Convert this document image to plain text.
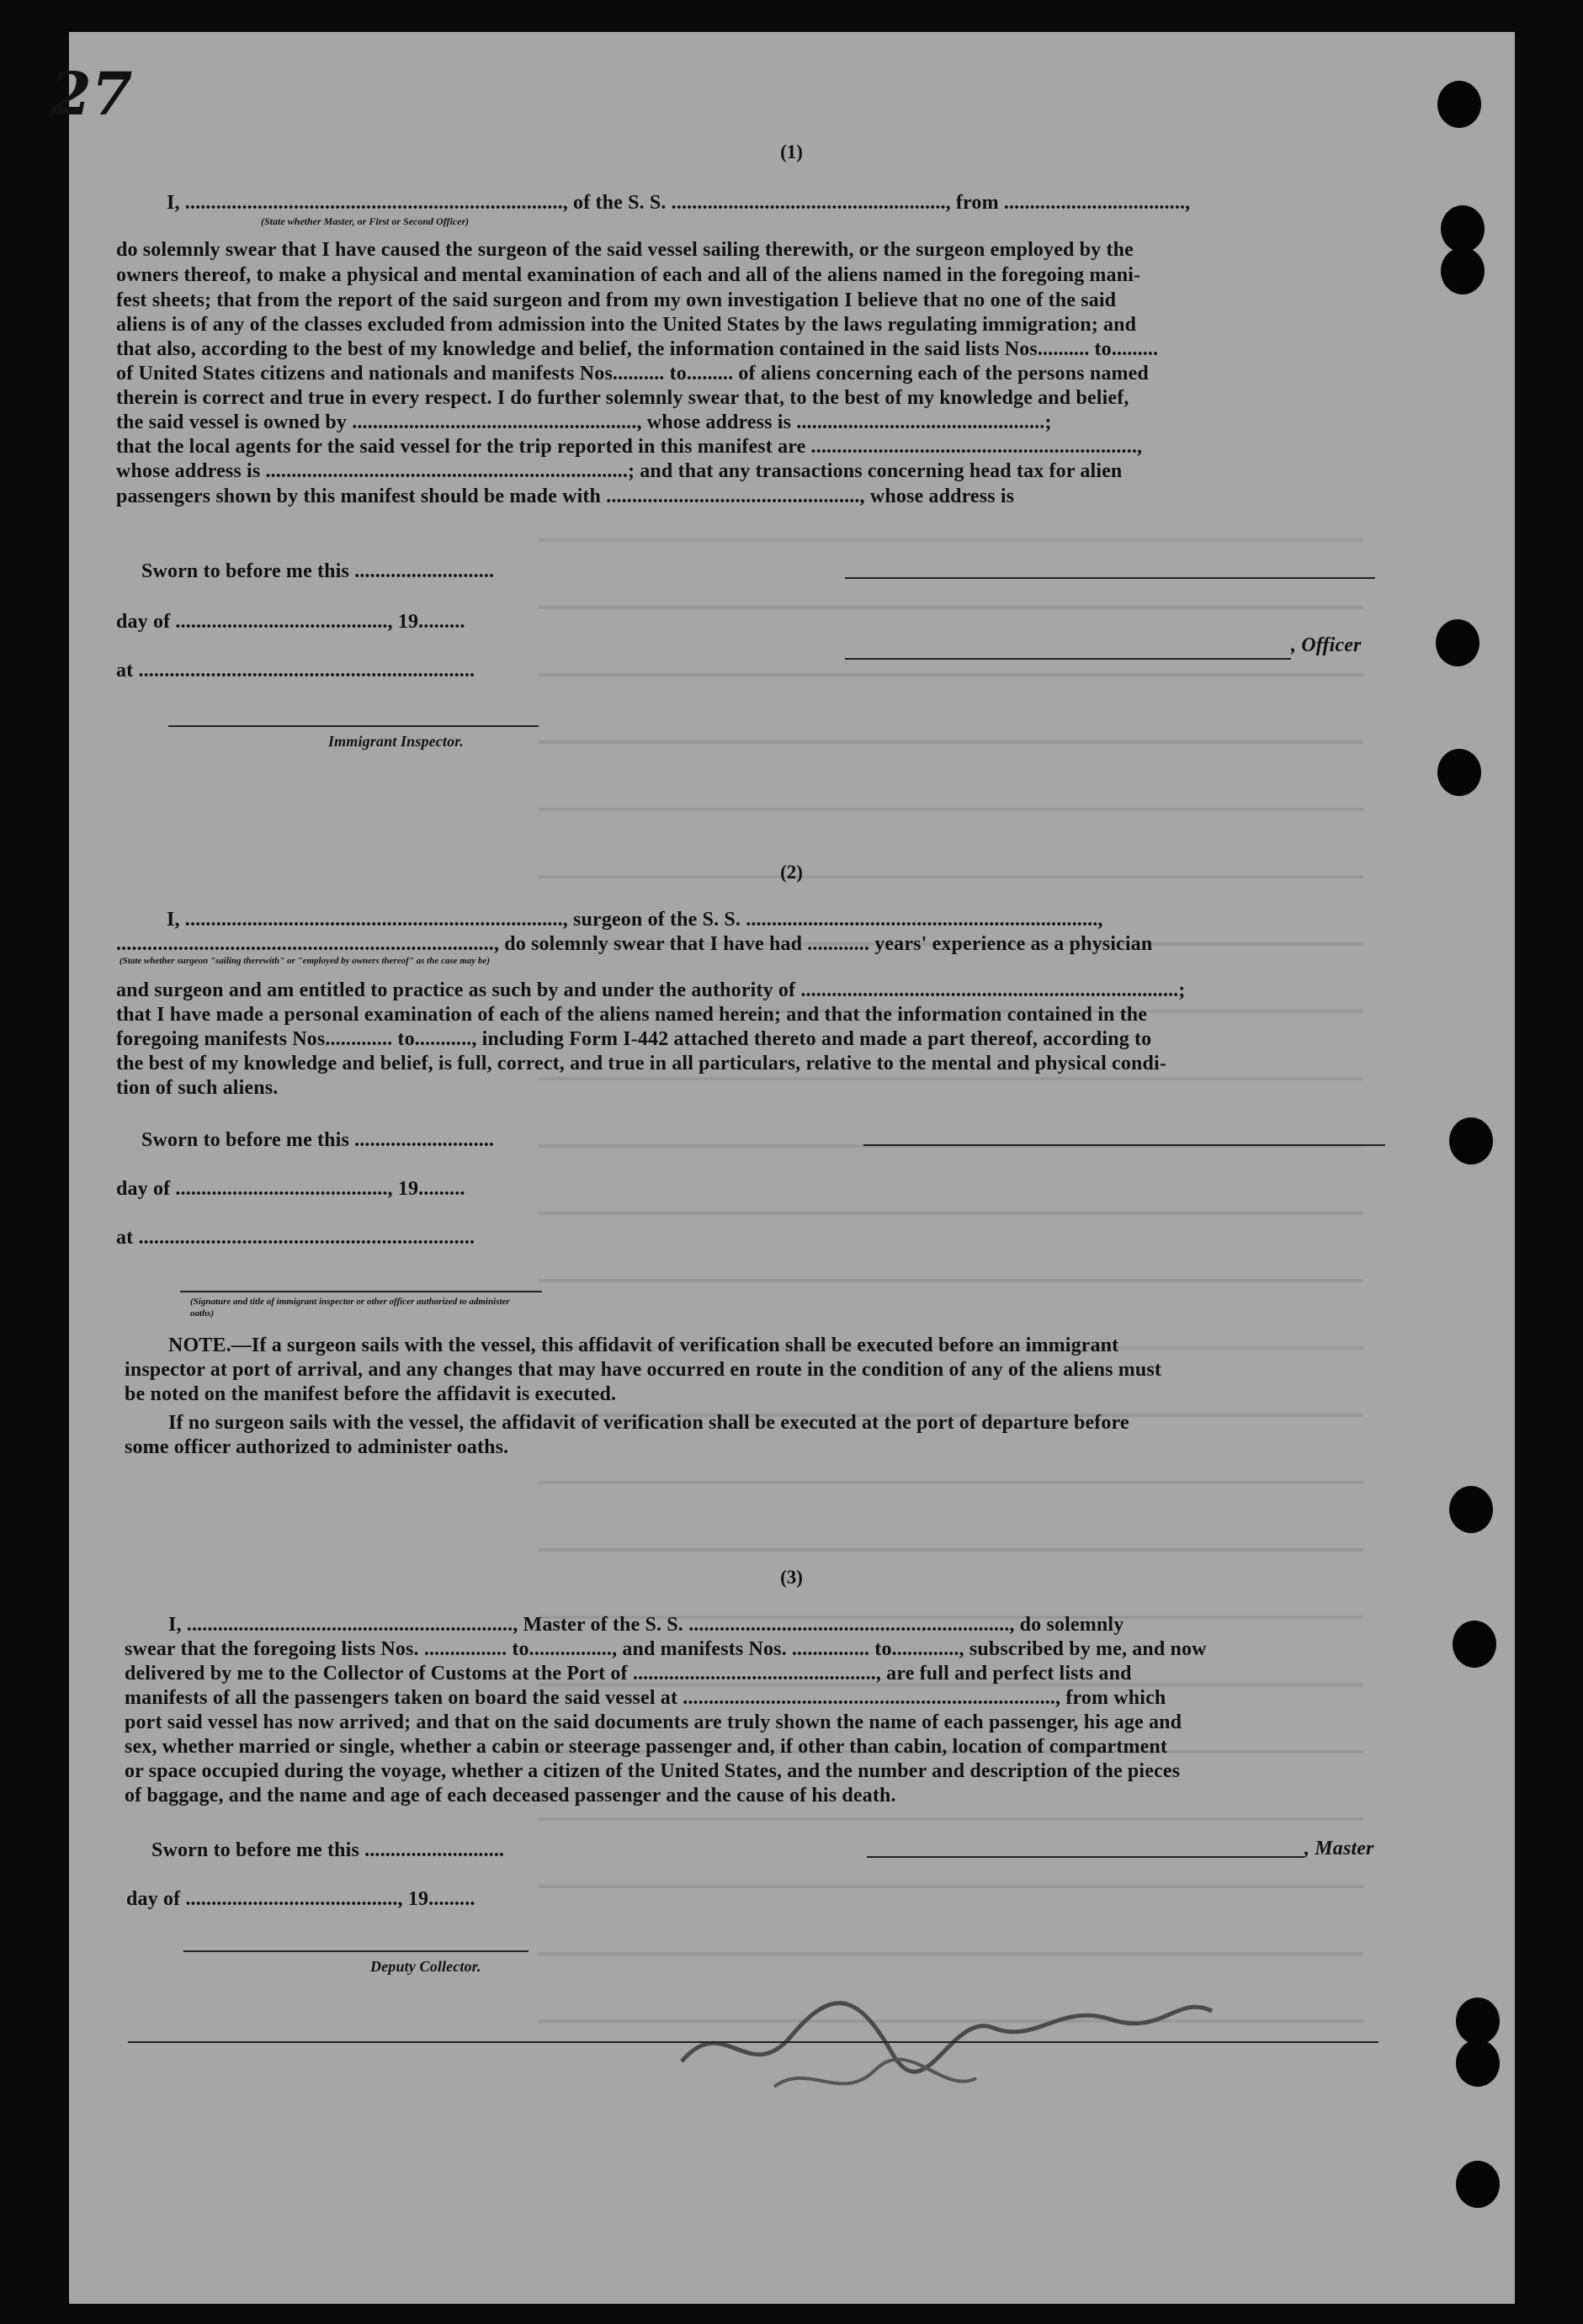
27
(1)
I, ........................................................................., of the S. S. ....................................................., from ...................................,
(State whether Master, or First or Second Officer)
do solemnly swear that I have caused the surgeon of the said vessel sailing therewith, or the surgeon employed by the
owners thereof, to make a physical and mental examination of each and all of the aliens named in the foregoing mani-
fest sheets; that from the report of the said surgeon and from my own investigation I believe that no one of the said
aliens is of any of the classes excluded from admission into the United States by the laws regulating immigration; and
that also, according to the best of my knowledge and belief, the information contained in the said lists Nos.......... to.........
of United States citizens and nationals and manifests Nos.......... to......... of aliens concerning each of the persons named
therein is correct and true in every respect. I do further solemnly swear that, to the best of my knowledge and belief,
the said vessel is owned by ......................................................., whose address is ................................................;
that the local agents for the said vessel for the trip reported in this manifest are ...............................................................,
whose address is ......................................................................; and that any transactions concerning head tax for alien
passengers shown by this manifest should be made with ................................................., whose address is
Sworn to before me this ...........................
day of ........................................., 19.........
, Officer
at .................................................................
Immigrant Inspector.
(2)
I, ........................................................................., surgeon of the S. S. ....................................................................,
........................................................................., do solemnly swear that I have had ............ years' experience as a physician
(State whether surgeon "sailing therewith" or "employed by owners thereof" as the case may be)
and surgeon and am entitled to practice as such by and under the authority of .........................................................................;
that I have made a personal examination of each of the aliens named herein; and that the information contained in the
foregoing manifests Nos............. to..........., including Form I-442 attached thereto and made a part thereof, according to
the best of my knowledge and belief, is full, correct, and true in all particulars, relative to the mental and physical condi-
tion of such aliens.
Sworn to before me this ...........................
day of ........................................., 19.........
at .................................................................
(Signature and title of immigrant inspector or other officer authorized to administer oaths)
NOTE.—If a surgeon sails with the vessel, this affidavit of verification shall be executed before an immigrant
inspector at port of arrival, and any changes that may have occurred en route in the condition of any of the aliens must
be noted on the manifest before the affidavit is executed.
If no surgeon sails with the vessel, the affidavit of verification shall be executed at the port of departure before
some officer authorized to administer oaths.
(3)
I, ..............................................................., Master of the S. S. .............................................................., do solemnly
swear that the foregoing lists Nos. ................ to................, and manifests Nos. ............... to............., subscribed by me, and now
delivered by me to the Collector of Customs at the Port of ..............................................., are full and perfect lists and
manifests of all the passengers taken on board the said vessel at ........................................................................, from which
port said vessel has now arrived; and that on the said documents are truly shown the name of each passenger, his age and
sex, whether married or single, whether a cabin or steerage passenger and, if other than cabin, location of compartment
or space occupied during the voyage, whether a citizen of the United States, and the number and description of the pieces
of baggage, and the name and age of each deceased passenger and the cause of his death.
Sworn to before me this ...........................	, Master
day of ........................................., 19.........
Deputy Collector.
